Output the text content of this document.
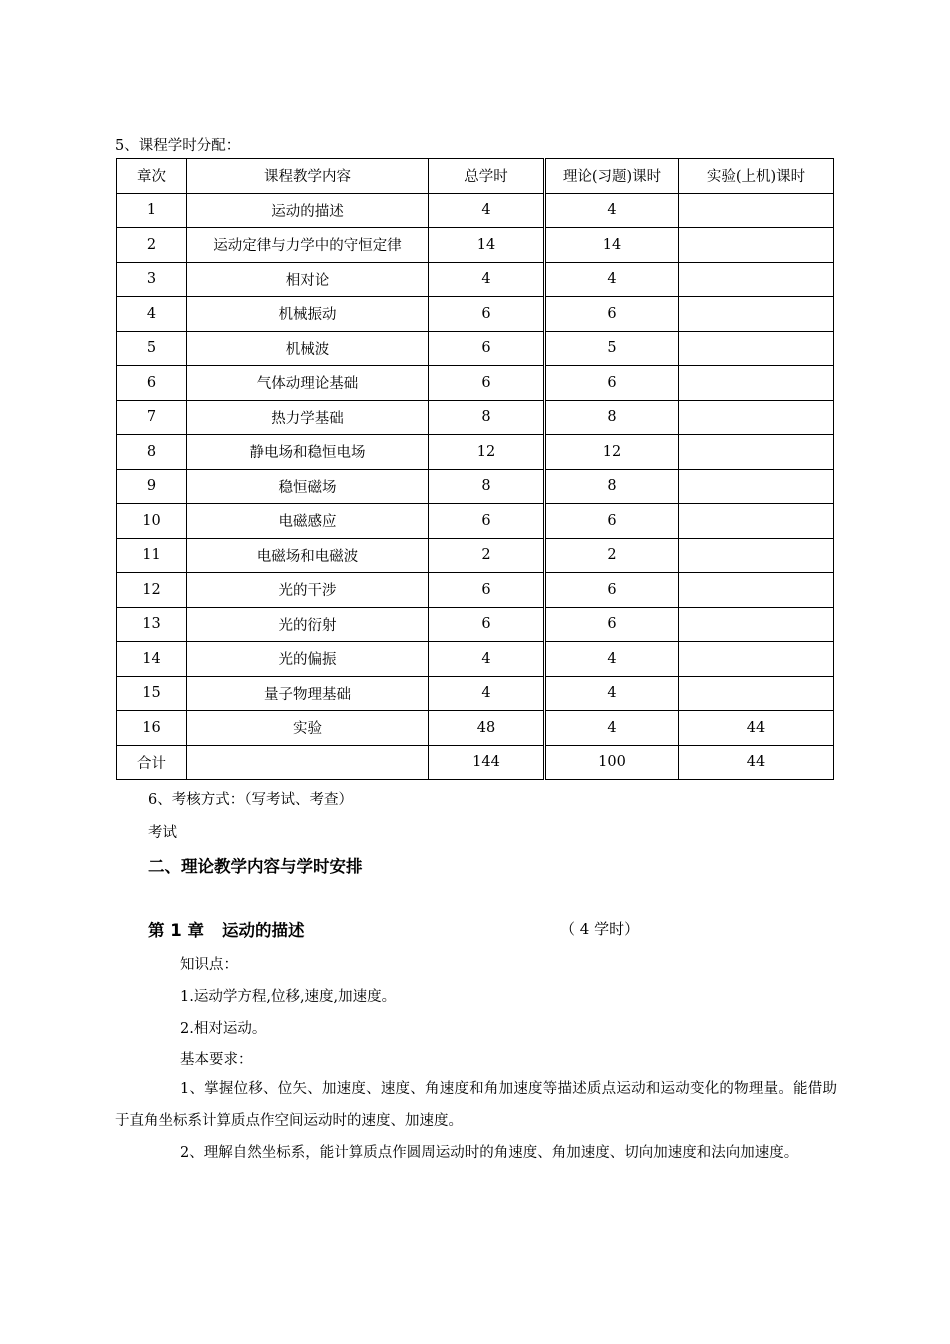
5、课程学时分配：
章次	课程教学内容	总学时	理论(习题)课时	实验(上机)课时
1	运动的描述	4	4	
2	运动定律与力学中的守恒定律	14	14	
3	相对论	4	4	
4	机械振动	6	6	
5	机械波	6	5	
6	气体动理论基础	6	6	
7	热力学基础	8	8	
8	静电场和稳恒电场	12	12	
9	稳恒磁场	8	8	
10	电磁感应	6	6	
11	电磁场和电磁波	2	2	
12	光的干涉	6	6	
13	光的衍射	6	6	
14	光的偏振	4	4	
15	量子物理基础	4	4	
16	实验	48	4	44
合计		144	100	44
6、考核方式：（写考试、考查）
考试
二、理论教学内容与学时安排
第 1 章 运动的描述	（ 4 学时）
知识点：
1.运动学方程,位移,速度,加速度。
2.相对运动。
基本要求：
1、掌握位移、位矢、加速度、速度、角速度和角加速度等描述质点运动和运动变化的物理量。能借助于直角坐标系计算质点作空间运动时的速度、加速度。
2、理解自然坐标系，能计算质点作圆周运动时的角速度、角加速度、切向加速度和法向加速度。
